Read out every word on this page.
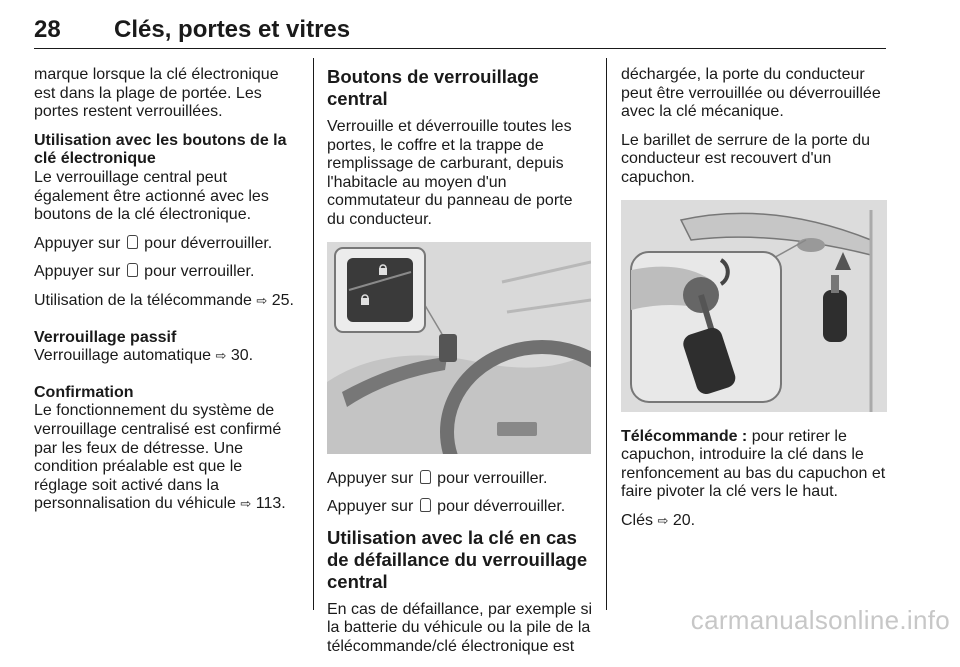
28 Clés, portes et vitres

marque lorsque la clé électronique est dans la plage de portée. Les portes restent verrouillées.

Utilisation avec les boutons de la clé électronique

Le verrouillage central peut également être actionné avec les boutons de la clé électronique.

Appuyer sur pour déverrouiller.

Appuyer sur pour verrouiller.

Utilisation de la télécommande ⇨ 25.

Verrouillage passif

Verrouillage automatique ⇨ 30.

Confirmation

Le fonctionnement du système de verrouillage centralisé est confirmé par les feux de détresse. Une condition préalable est que le réglage soit activé dans la personnalisation du véhicule ⇨ 113.

Boutons de verrouillage central

Verrouille et déverrouille toutes les portes, le coffre et la trappe de remplissage de carburant, depuis l'habitacle au moyen d'un commutateur du panneau de porte du conducteur.

Appuyer sur pour verrouiller.

Appuyer sur pour déverrouiller.

Utilisation avec la clé en cas de défaillance du verrouillage central

En cas de défaillance, par exemple si la batterie du véhicule ou la pile de la télécommande/clé électronique est

déchargée, la porte du conducteur peut être verrouillée ou déverrouillée avec la clé mécanique.

Le barillet de serrure de la porte du conducteur est recouvert d'un capuchon.

Télécommande : pour retirer le capuchon, introduire la clé dans le renfoncement au bas du capuchon et faire pivoter la clé vers le haut.

Clés ⇨ 20.

carmanualsonline.info
